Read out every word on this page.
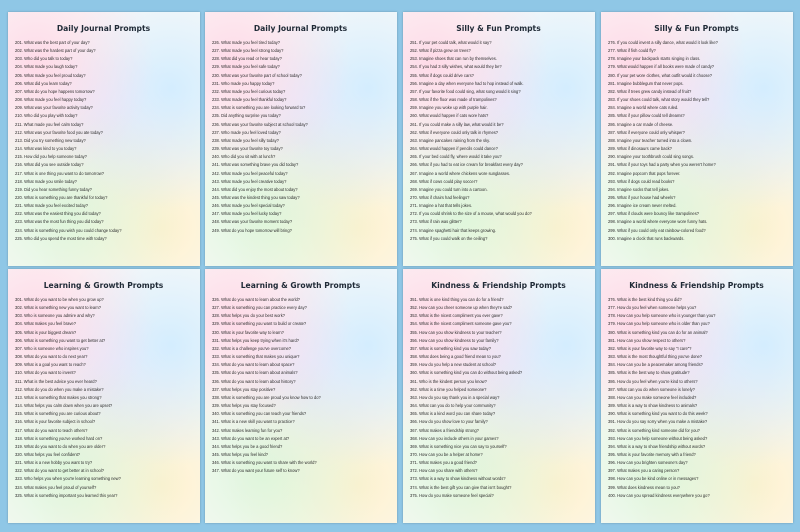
Daily Journal Prompts
201. What was the best part of your day?
202. What was the hardest part of your day?
203. Who did you talk to today?
204. What made you laugh today?
205. What made you feel proud today?
206. What did you learn today?
207. What do you hope happens tomorrow?
208. What made you feel happy today?
209. What was your favorite activity today?
210. Who did you play with today?
211. What made you feel calm today?
212. What was your favorite food you ate today?
213. Did you try something new today?
214. What was kind to you today?
215. How did you help someone today?
216. What did you see outside today?
217. What is one thing you want to do tomorrow?
218. What made you smile today?
219. Did you hear something funny today?
220. What is something you are thankful for today?
221. What made you feel excited today?
222. What was the easiest thing you did today?
223. What was the most fun thing you did today?
224. What is something you wish you could change today?
225. Who did you spend the most time with today?
Daily Journal Prompts
226. What made you feel tired today?
227. What made you feel strong today?
228. What did you read or hear today?
229. What made you feel safe today?
230. What was your favorite part of school today?
231. Who made you happy today?
232. What made you feel curious today?
233. What made you feel thankful today?
234. What is something you are looking forward to?
235. Did anything surprise you today?
236. What was your favorite subject at school today?
237. Who made you feel loved today?
238. What made you feel silly today?
239. What was your favorite toy today?
240. Who did you sit with at lunch?
241. What was something brave you did today?
242. What made you feel peaceful today?
243. What made you feel creative today?
244. What did you enjoy the most about today?
245. What was the kindest thing you saw today?
246. What made you feel special today?
247. What made you feel lucky today?
248. What was your favorite moment today?
249. What do you hope tomorrow will bring?
Silly & Fun Prompts
251. If your pet could talk, what would it say?
252. What if pizza grew on trees?
253. Imagine shoes that can run by themselves.
254. If you had 3 silly wishes, what would they be?
255. What if dogs could drive cars?
256. Imagine a day when everyone had to hop instead of walk.
257. If your favorite food could sing, what song would it sing?
258. What if the floor was made of trampolines?
259. Imagine you woke up with purple hair.
260. What would happen if cats wore hats?
261. If you could make a silly law, what would it be?
262. What if everyone could only talk in rhymes?
263. Imagine pancakes raining from the sky.
264. What would happen if pencils could dance?
265. If your bed could fly, where would it take you?
266. What if you had to eat ice cream for breakfast every day?
267. Imagine a world where chickens wore sunglasses.
268. What if cows could play soccer?
269. Imagine you could turn into a cartoon.
270. What if chairs had feelings?
271. Imagine a hat that tells jokes.
272. If you could shrink to the size of a mouse, what would you do?
273. What if rain was glitter?
274. Imagine spaghetti hair that keeps growing.
275. What if you could walk on the ceiling?
Silly & Fun Prompts
276. If you could invent a silly dance, what would it look like?
277. What if fish could fly?
278. Imagine your backpack starts singing in class.
279. What would happen if all books were made of candy?
280. If your pet wore clothes, what outfit would it choose?
281. Imagine bubblegum that never pops.
282. What if trees grew candy instead of fruit?
283. If your shoes could talk, what story would they tell?
284. Imagine a world where cats ruled.
285. What if your pillow could tell dreams?
286. Imagine a car made of cheese.
287. What if everyone could only whisper?
288. Imagine your teacher turned into a clown.
289. What if dinosaurs came back?
290. Imagine your toothbrush could sing songs.
291. What if your toys had a party when you weren't home?
292. Imagine popcorn that pops forever.
293. What if dogs could read books?
294. Imagine socks that tell jokes.
295. What if your house had wheels?
296. Imagine ice cream never melted.
297. What if clouds were bouncy like trampolines?
298. Imagine a world where everyone wore funny hats.
299. What if you could only eat rainbow-colored food?
300. Imagine a clock that runs backwards.
Learning & Growth Prompts
301. What do you want to be when you grow up?
302. What is something new you want to learn?
303. Who is someone you admire and why?
304. What makes you feel brave?
305. What is your biggest dream?
306. What is something you want to get better at?
307. Who is someone who inspires you?
308. What do you want to do next year?
309. What is a goal you want to reach?
310. What do you want to invent?
311. What is the best advice you ever heard?
312. What do you do when you make a mistake?
313. What is something that makes you strong?
314. What helps you calm down when you are upset?
315. What is something you are curious about?
316. What is your favorite subject in school?
317. What do you want to teach others?
318. What is something you've worked hard on?
319. What do you want to do when you are older?
320. What helps you feel confident?
321. What is a new hobby you want to try?
322. What do you want to get better at in school?
323. Who helps you when you're learning something new?
324. What makes you feel proud of yourself?
325. What is something important you learned this year?
Learning & Growth Prompts
326. What do you want to learn about the world?
327. What is something you can practice every day?
328. What helps you do your best work?
329. What is something you want to build or create?
330. What is your favorite way to learn?
331. What helps you keep trying when it's hard?
332. What is a challenge you've overcome?
333. What is something that makes you unique?
334. What do you want to learn about space?
335. What do you want to learn about animals?
336. What do you want to learn about history?
337. What helps you stay positive?
338. What is something you are proud you know how to do?
339. What helps you stay focused?
340. What is something you can teach your friends?
341. What is a new skill you want to practice?
342. What makes learning fun for you?
343. What do you want to be an expert at?
344. What helps you be a good friend?
345. What helps you feel kind?
346. What is something you want to share with the world?
347. What do you want your future self to know?
Kindness & Friendship Prompts
351. What is one kind thing you can do for a friend?
352. How can you cheer someone up when they're sad?
353. What is the nicest compliment you ever gave?
354. What is the nicest compliment someone gave you?
355. How can you show kindness to your teacher?
356. How can you show kindness to your family?
357. What is something kind you saw today?
358. What does being a good friend mean to you?
359. How do you help a new student at school?
360. What is something kind you can do without being asked?
361. Who is the kindest person you know?
362. What is a time you helped someone?
363. How do you say thank you in a special way?
364. What can you do to help your community?
365. What is a kind word you can share today?
366. How do you show love to your family?
367. What makes a friendship strong?
368. How can you include others in your games?
369. What is something nice you can say to yourself?
370. How can you be a helper at home?
371. What makes you a good friend?
372. How can you share with others?
373. What is a way to show kindness without words?
374. What is the best gift you can give that isn't bought?
375. How do you make someone feel special?
Kindness & Friendship Prompts
376. What is the best kind thing you did?
377. How do you feel when someone helps you?
378. How can you help someone who is younger than you?
379. How can you help someone who is older than you?
380. What is something kind you can do for an animal?
381. How can you show respect to others?
382. What is your favorite way to say "I care"?
383. What is the most thoughtful thing you've done?
384. How can you be a peacemaker among friends?
385. What is the best way to show gratitude?
386. How do you feel when you're kind to others?
387. What can you do when someone is lonely?
388. How can you make someone feel included?
389. What is a way to show kindness to animals?
390. What is something kind you want to do this week?
391. How do you say sorry when you make a mistake?
392. What is something kind someone did for you?
393. How can you help someone without being asked?
394. What is a way to show friendship without words?
395. What is your favorite memory with a friend?
396. How can you brighten someone's day?
397. What makes you a caring person?
398. How can you be kind online or in messages?
399. What does kindness mean to you?
400. How can you spread kindness everywhere you go?
